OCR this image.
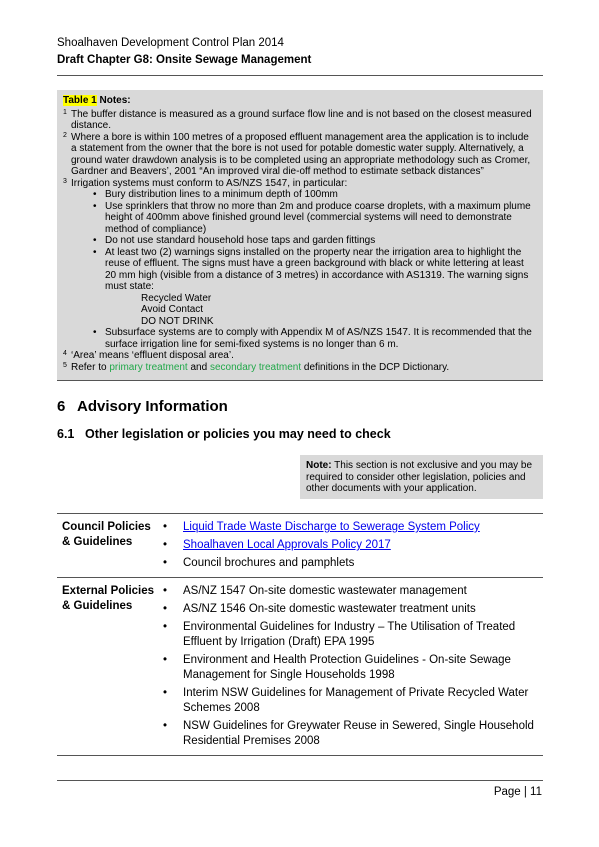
Shoalhaven Development Control Plan 2014
Draft Chapter G8: Onsite Sewage Management
Table 1 Notes:
1 The buffer distance is measured as a ground surface flow line and is not based on the closest measured distance.
2 Where a bore is within 100 metres of a proposed effluent management area the application is to include a statement from the owner that the bore is not used for potable domestic water supply. Alternatively, a ground water drawdown analysis is to be completed using an appropriate methodology such as Cromer, Gardner and Beavers’, 2001 “An improved viral die-off method to estimate setback distances”
3 Irrigation systems must conform to AS/NZS 1547, in particular:
• Bury distribution lines to a minimum depth of 100mm
• Use sprinklers that throw no more than 2m and produce coarse droplets, with a maximum plume height of 400mm above finished ground level (commercial systems will need to demonstrate method of compliance)
• Do not use standard household hose taps and garden fittings
• At least two (2) warnings signs installed on the property near the irrigation area to highlight the reuse of effluent. The signs must have a green background with black or white lettering at least 20 mm high (visible from a distance of 3 metres) in accordance with AS1319. The warning signs must state:
Recycled Water
Avoid Contact
DO NOT DRINK
• Subsurface systems are to comply with Appendix M of AS/NZS 1547. It is recommended that the surface irrigation line for semi-fixed systems is no longer than 6 m.
4 ‘Area’ means ‘effluent disposal area’.
5 Refer to primary treatment and secondary treatment definitions in the DCP Dictionary.
6 Advisory Information
6.1 Other legislation or policies you may need to check
Note: This section is not exclusive and you may be required to consider other legislation, policies and other documents with your application.
Council Policies
& Guidelines
• Liquid Trade Waste Discharge to Sewerage System Policy
• Shoalhaven Local Approvals Policy 2017
• Council brochures and pamphlets
External Policies
& Guidelines
• AS/NZ 1547 On-site domestic wastewater management
• AS/NZ 1546 On-site domestic wastewater treatment units
• Environmental Guidelines for Industry – The Utilisation of Treated Effluent by Irrigation (Draft) EPA 1995
• Environment and Health Protection Guidelines - On-site Sewage Management for Single Households 1998
• Interim NSW Guidelines for Management of Private Recycled Water Schemes 2008
• NSW Guidelines for Greywater Reuse in Sewered, Single Household Residential Premises 2008
Page | 11
